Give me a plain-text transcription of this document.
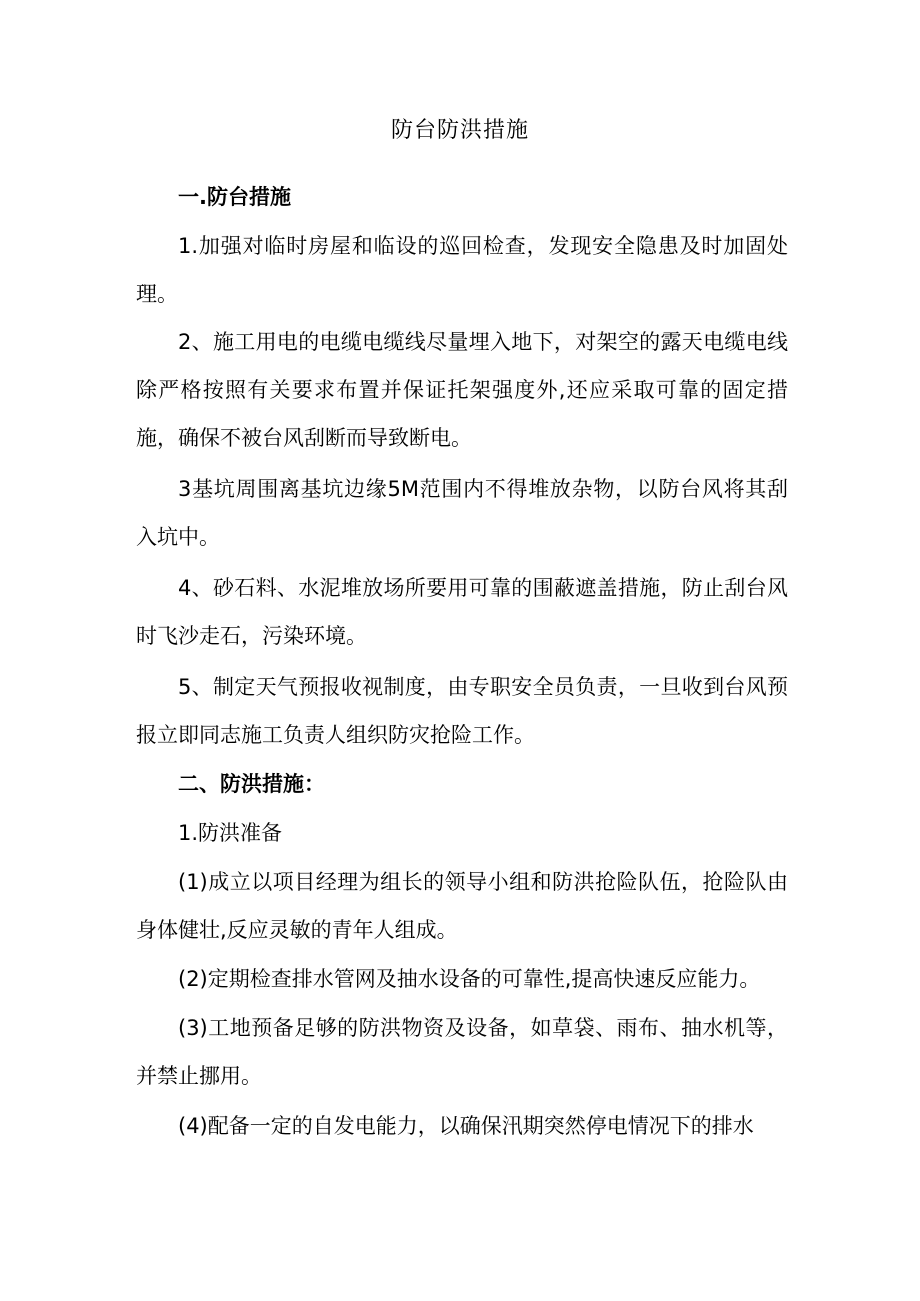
防台防洪措施

一.防台措施

1.加强对临时房屋和临设的巡回检查，发现安全隐患及时加固处理。

2、施工用电的电缆电缆线尽量埋入地下，对架空的露天电缆电线除严格按照有关要求布置并保证托架强度外,还应采取可靠的固定措施，确保不被台风刮断而导致断电。

3基坑周围离基坑边缘5M范围内不得堆放杂物，以防台风将其刮入坑中。

4、砂石料、水泥堆放场所要用可靠的围蔽遮盖措施，防止刮台风时飞沙走石，污染环境。

5、制定天气预报收视制度，由专职安全员负责，一旦收到台风预报立即同志施工负责人组织防灾抢险工作。

二、防洪措施：

1.防洪准备

(1)成立以项目经理为组长的领导小组和防洪抢险队伍，抢险队由身体健壮,反应灵敏的青年人组成。

(2)定期检查排水管网及抽水设备的可靠性,提高快速反应能力。

(3)工地预备足够的防洪物资及设备，如草袋、雨布、抽水机等，并禁止挪用。

(4)配备一定的自发电能力，以确保汛期突然停电情况下的排水
